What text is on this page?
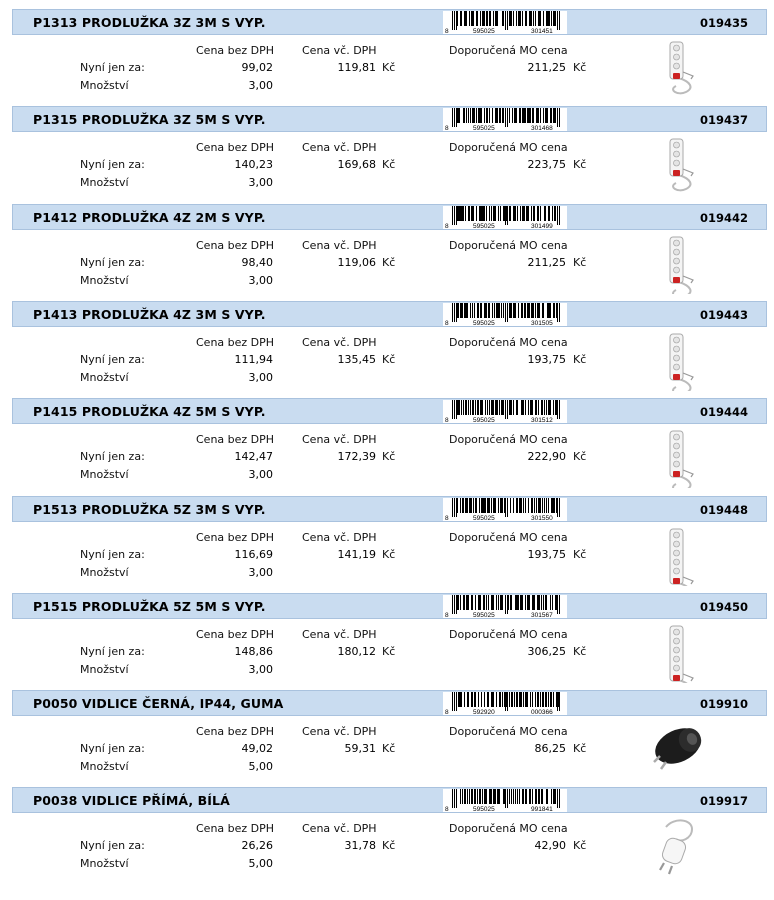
P1313 PRODLUŽKA 3Z 3M S VYP.
8	595025	301451
019435
Cena bez DPH	Cena vč. DPH	Doporučená MO cena
Nyní jen za:	99,02	119,81 Kč	211,25 Kč
Množství	3,00
P1315 PRODLUŽKA 3Z 5M S VYP.
8	595025	301468
019437
Cena bez DPH	Cena vč. DPH	Doporučená MO cena
Nyní jen za:	140,23	169,68 Kč	223,75 Kč
Množství	3,00
P1412 PRODLUŽKA 4Z 2M S VYP.
8	595025	301499
019442
Cena bez DPH	Cena vč. DPH	Doporučená MO cena
Nyní jen za:	98,40	119,06 Kč	211,25 Kč
Množství	3,00
P1413 PRODLUŽKA 4Z 3M S VYP.
8	595025	301505
019443
Cena bez DPH	Cena vč. DPH	Doporučená MO cena
Nyní jen za:	111,94	135,45 Kč	193,75 Kč
Množství	3,00
P1415 PRODLUŽKA 4Z 5M S VYP.
8	595025	301512
019444
Cena bez DPH	Cena vč. DPH	Doporučená MO cena
Nyní jen za:	142,47	172,39 Kč	222,90 Kč
Množství	3,00
P1513 PRODLUŽKA 5Z 3M S VYP.
8	595025	301550
019448
Cena bez DPH	Cena vč. DPH	Doporučená MO cena
Nyní jen za:	116,69	141,19 Kč	193,75 Kč
Množství	3,00
P1515 PRODLUŽKA 5Z 5M S VYP.
8	595025	301567
019450
Cena bez DPH	Cena vč. DPH	Doporučená MO cena
Nyní jen za:	148,86	180,12 Kč	306,25 Kč
Množství	3,00
P0050 VIDLICE ČERNÁ, IP44, GUMA
8	592920	000366
019910
Cena bez DPH	Cena vč. DPH	Doporučená MO cena
Nyní jen za:	49,02	59,31 Kč	86,25 Kč
Množství	5,00
P0038 VIDLICE PŘÍMÁ, BÍLÁ
8	595025	991841
019917
Cena bez DPH	Cena vč. DPH	Doporučená MO cena
Nyní jen za:	26,26	31,78 Kč	42,90 Kč
Množství	5,00
